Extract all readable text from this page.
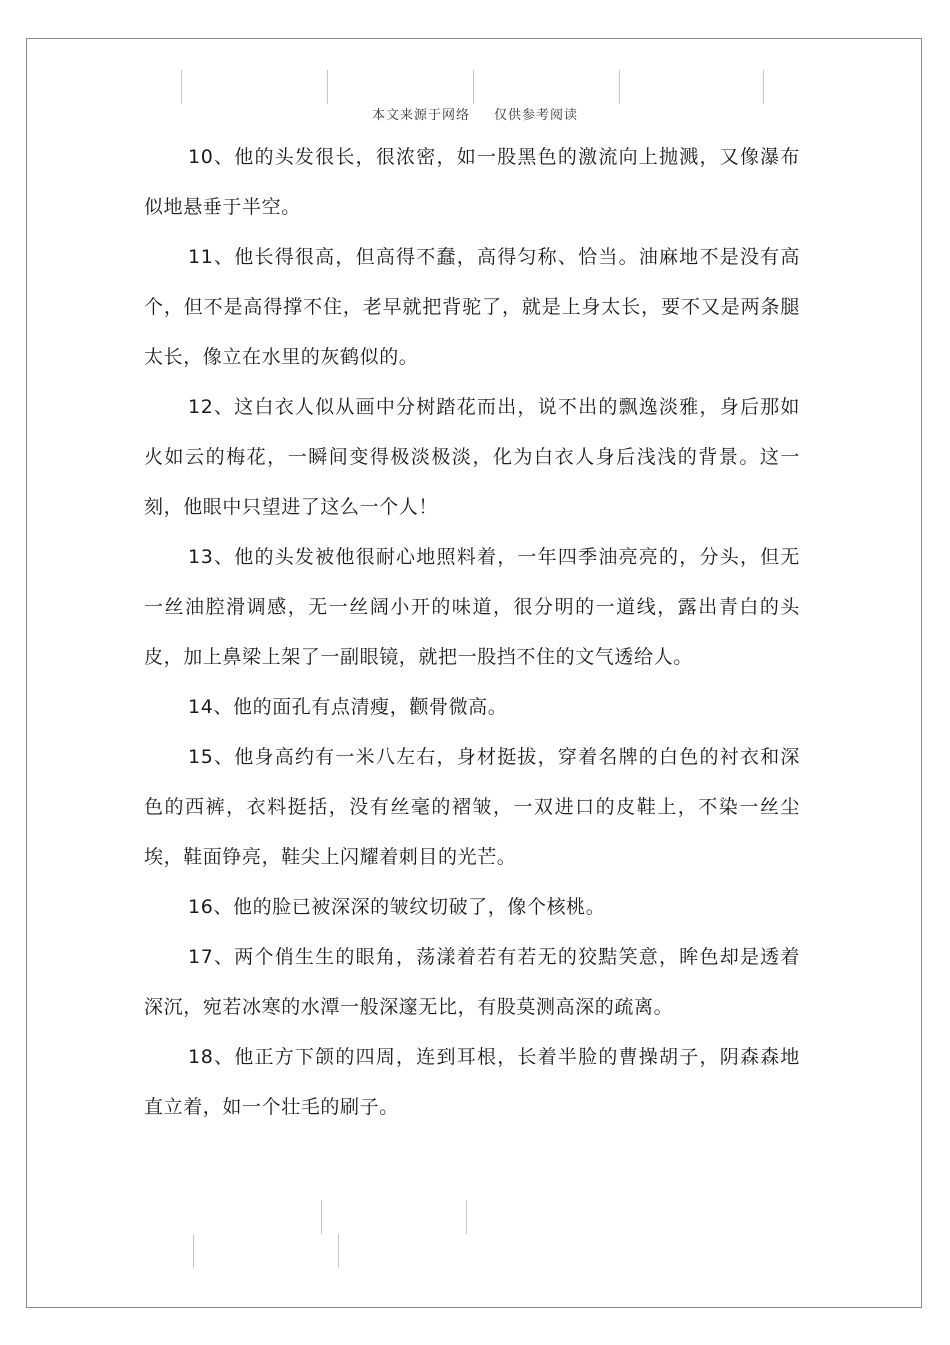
本文来源于网络 仅供参考阅读

10、他的头发很长，很浓密，如一股黑色的激流向上抛溅，又像瀑布似地悬垂于半空。

11、他长得很高，但高得不蠢，高得匀称、恰当。油麻地不是没有高个，但不是高得撑不住，老早就把背驼了，就是上身太长，要不又是两条腿太长，像立在水里的灰鹤似的。

12、这白衣人似从画中分树踏花而出，说不出的飘逸淡雅，身后那如火如云的梅花，一瞬间变得极淡极淡，化为白衣人身后浅浅的背景。这一刻，他眼中只望进了这么一个人！

13、他的头发被他很耐心地照料着，一年四季油亮亮的，分头，但无一丝油腔滑调感，无一丝阔小开的味道，很分明的一道线，露出青白的头皮，加上鼻梁上架了一副眼镜，就把一股挡不住的文气透给人。

14、他的面孔有点清瘦，颧骨微高。

15、他身高约有一米八左右，身材挺拔，穿着名牌的白色的衬衣和深色的西裤，衣料挺括，没有丝毫的褶皱，一双进口的皮鞋上，不染一丝尘埃，鞋面铮亮，鞋尖上闪耀着刺目的光芒。

16、他的脸已被深深的皱纹切破了，像个核桃。

17、两个俏生生的眼角，荡漾着若有若无的狡黠笑意，眸色却是透着深沉，宛若冰寒的水潭一般深邃无比，有股莫测高深的疏离。

18、他正方下颌的四周，连到耳根，长着半脸的曹操胡子，阴森森地直立着，如一个壮毛的刷子。
